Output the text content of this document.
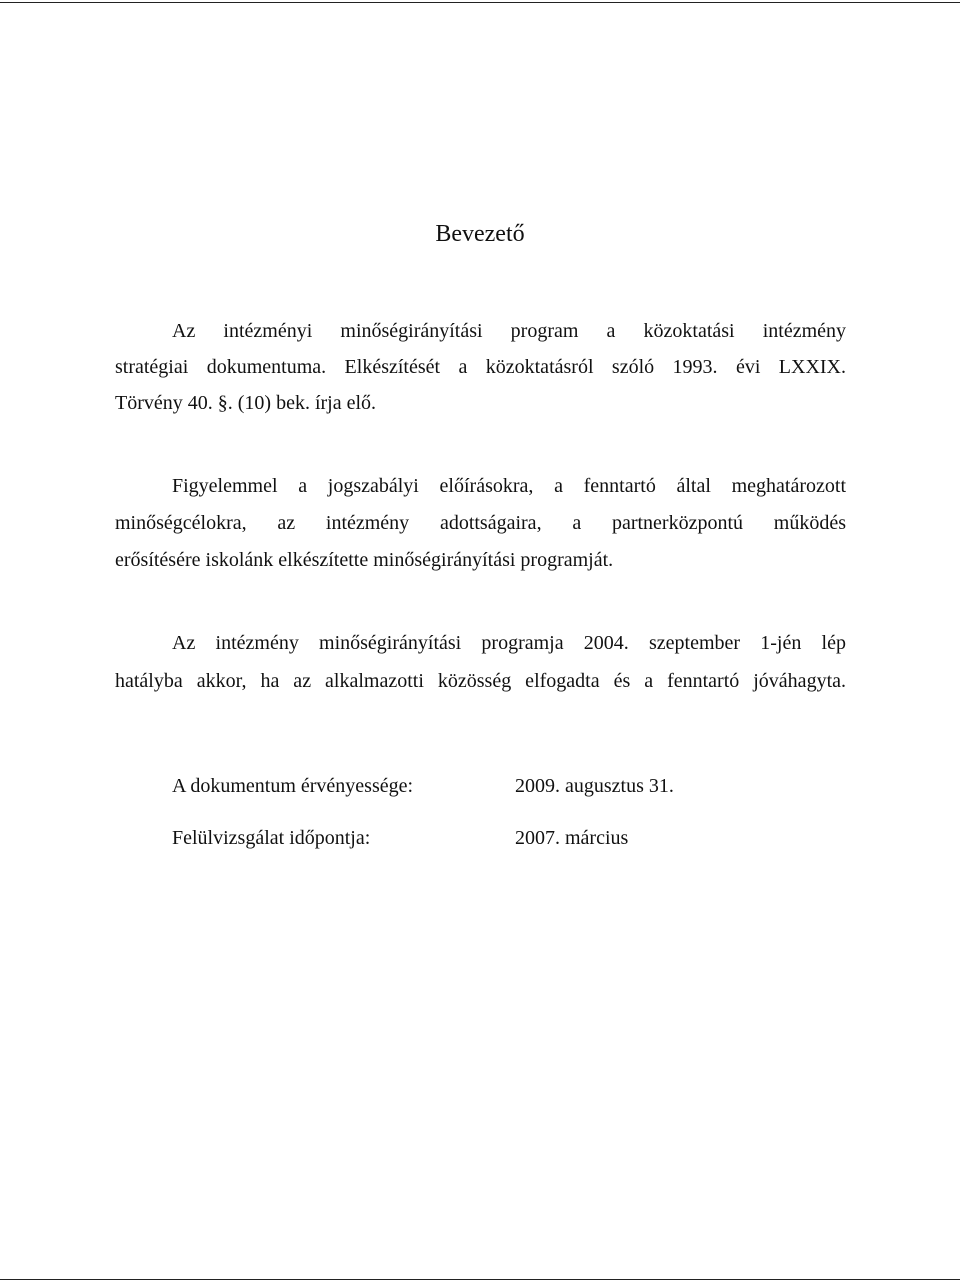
Bevezető

Az intézményi minőségirányítási program a közoktatási intézmény
stratégiai dokumentuma. Elkészítését a közoktatásról szóló 1993. évi LXXIX.
Törvény 40. §. (10) bek. írja elő.

Figyelemmel a jogszabályi előírásokra, a fenntartó által meghatározott
minőségcélokra, az intézmény adottságaira, a partnerközpontú működés
erősítésére iskolánk elkészítette minőségirányítási programját.

Az intézmény minőségirányítási programja 2004. szeptember 1-jén lép
hatályba akkor, ha az alkalmazotti közösség elfogadta és a fenntartó jóváhagyta.

A dokumentum érvényessége:	2009. augusztus 31.
Felülvizsgálat időpontja:	2007. március
